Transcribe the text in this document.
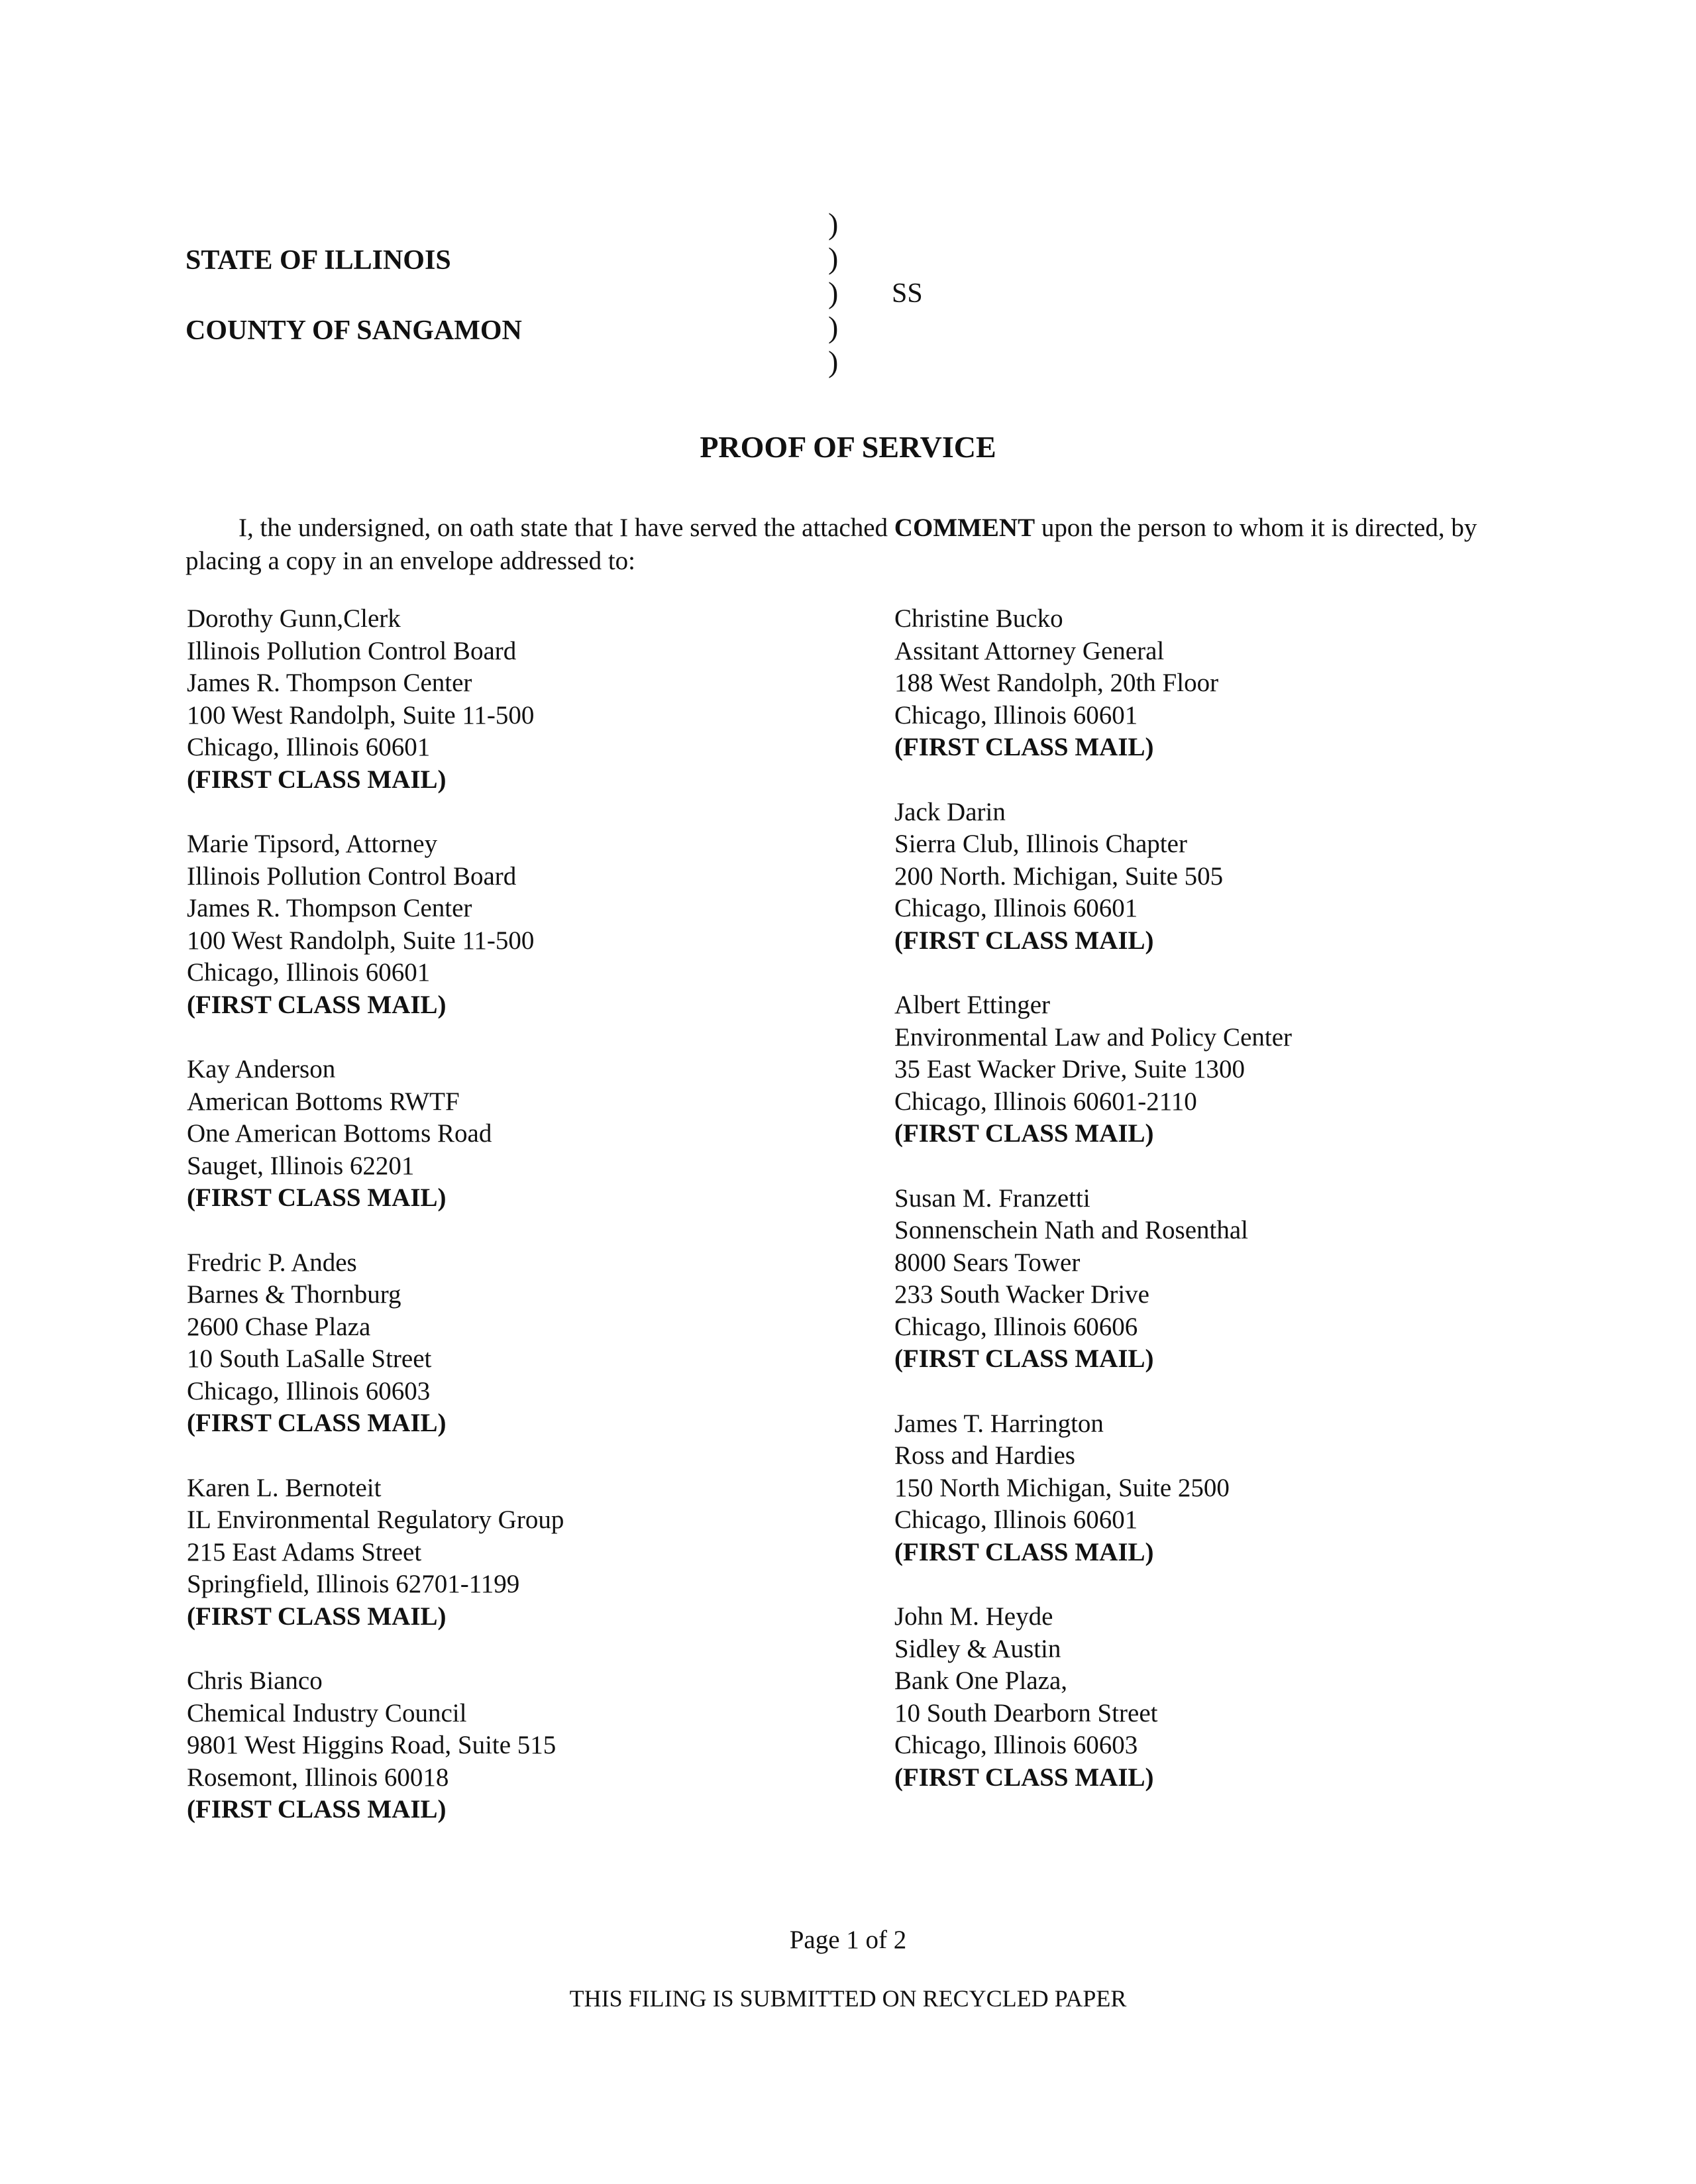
STATE OF ILLINOIS
COUNTY OF SANGAMON
)
)
)
)
)
SS
PROOF OF SERVICE
I, the undersigned, on oath state that I have served the attached COMMENT upon the person to whom it is directed, by placing a copy in an envelope addressed to:
Dorothy Gunn,Clerk
Illinois Pollution Control Board
James R. Thompson Center
100 West Randolph, Suite 11-500
Chicago, Illinois 60601
(FIRST CLASS MAIL)
Marie Tipsord, Attorney
Illinois Pollution Control Board
James R. Thompson Center
100 West Randolph, Suite 11-500
Chicago, Illinois 60601
(FIRST CLASS MAIL)
Kay Anderson
American Bottoms RWTF
One American Bottoms Road
Sauget, Illinois 62201
(FIRST CLASS MAIL)
Fredric P. Andes
Barnes & Thornburg
2600 Chase Plaza
10 South LaSalle Street
Chicago, Illinois 60603
(FIRST CLASS MAIL)
Karen L. Bernoteit
IL Environmental Regulatory Group
215 East Adams Street
Springfield, Illinois 62701-1199
(FIRST CLASS MAIL)
Chris Bianco
Chemical Industry Council
9801 West Higgins Road, Suite 515
Rosemont, Illinois 60018
(FIRST CLASS MAIL)
Christine Bucko
Assitant Attorney General
188 West Randolph, 20th Floor
Chicago, Illinois 60601
(FIRST CLASS MAIL)
Jack Darin
Sierra Club, Illinois Chapter
200 North. Michigan, Suite 505
Chicago, Illinois 60601
(FIRST CLASS MAIL)
Albert Ettinger
Environmental Law and Policy Center
35 East Wacker Drive, Suite 1300
Chicago, Illinois 60601-2110
(FIRST CLASS MAIL)
Susan M. Franzetti
Sonnenschein Nath and Rosenthal
8000 Sears Tower
233 South Wacker Drive
Chicago, Illinois 60606
(FIRST CLASS MAIL)
James T. Harrington
Ross and Hardies
150 North Michigan, Suite 2500
Chicago, Illinois 60601
(FIRST CLASS MAIL)
John M. Heyde
Sidley & Austin
Bank One Plaza,
10 South Dearborn Street
Chicago, Illinois 60603
(FIRST CLASS MAIL)
Page 1 of 2
THIS FILING IS SUBMITTED ON RECYCLED PAPER
